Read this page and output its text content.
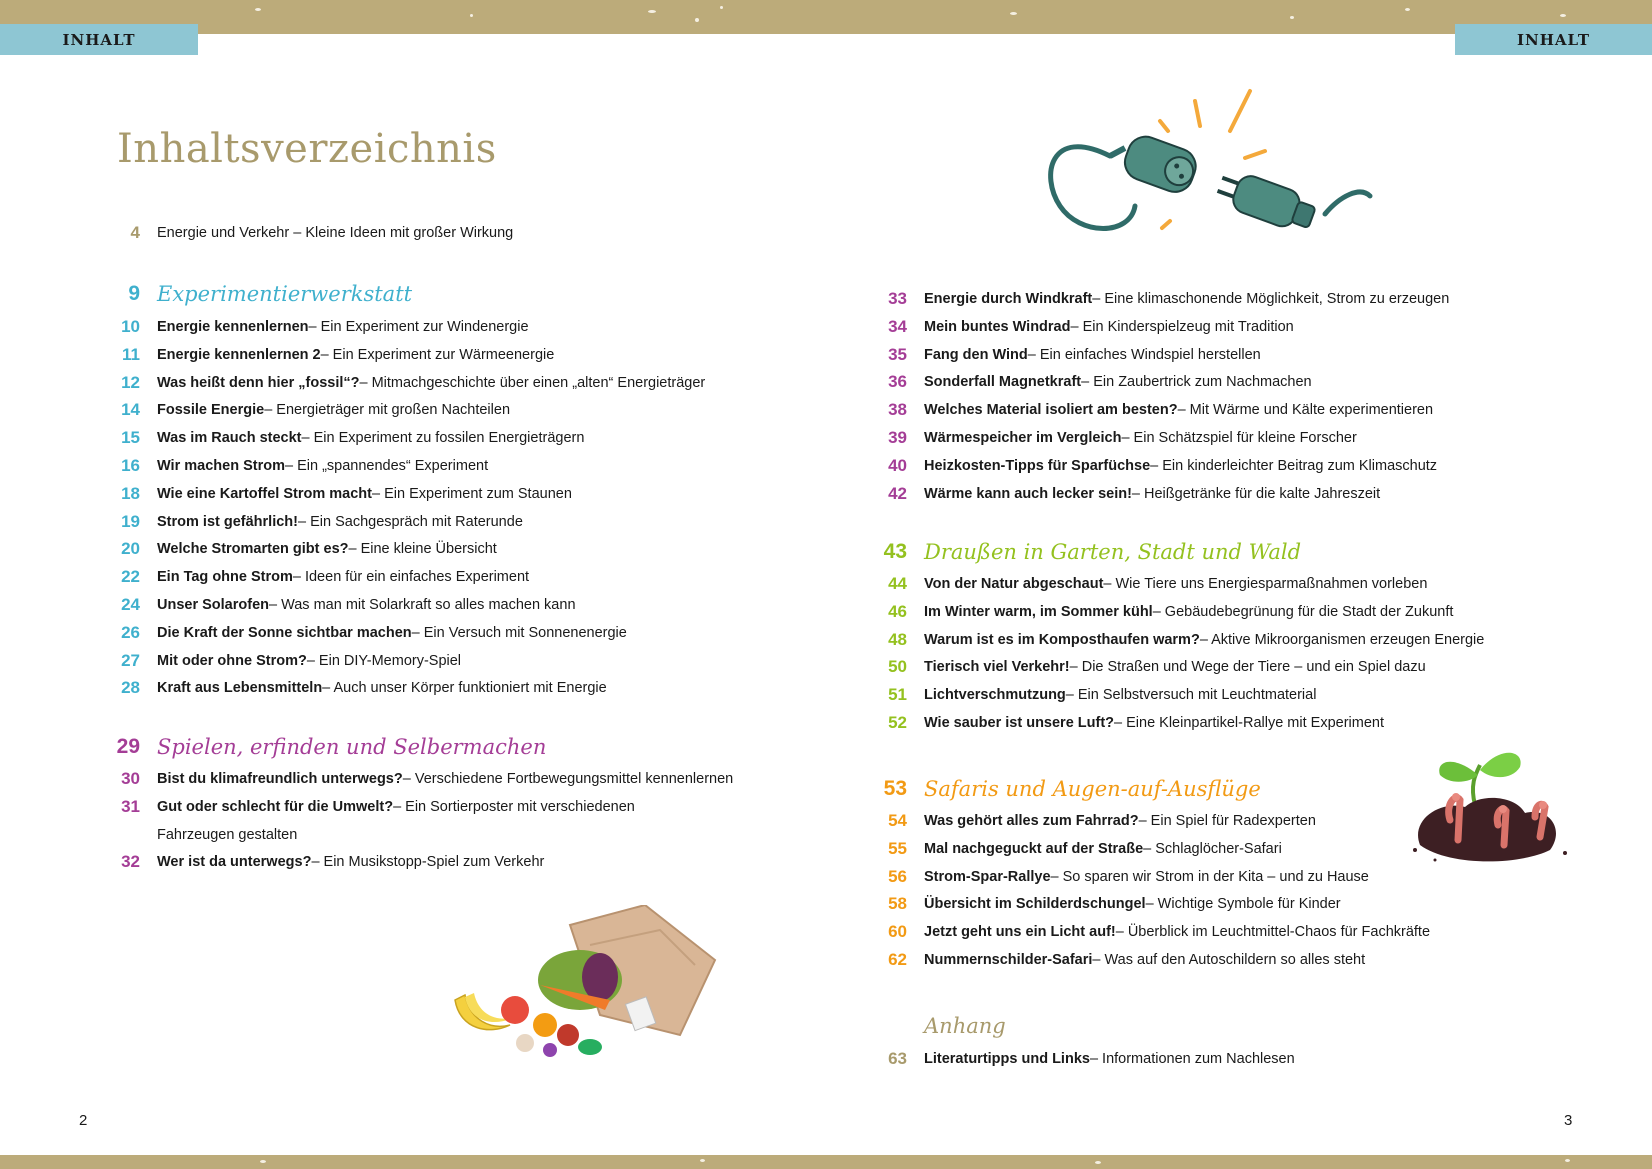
INHALT	INHALT
Inhaltsverzeichnis
4 Energie und Verkehr – Kleine Ideen mit großer Wirkung
9 Experimentierwerkstatt
10 Energie kennenlernen – Ein Experiment zur Windenergie
11 Energie kennenlernen 2 – Ein Experiment zur Wärmeenergie
12 Was heißt denn hier „fossil“? – Mitmachgeschichte über einen „alten“ Energieträger
14 Fossile Energie – Energieträger mit großen Nachteilen
15 Was im Rauch steckt – Ein Experiment zu fossilen Energieträgern
16 Wir machen Strom – Ein „spannendes“ Experiment
18 Wie eine Kartoffel Strom macht – Ein Experiment zum Staunen
19 Strom ist gefährlich! – Ein Sachgespräch mit Raterunde
20 Welche Stromarten gibt es? – Eine kleine Übersicht
22 Ein Tag ohne Strom – Ideen für ein einfaches Experiment
24 Unser Solarofen – Was man mit Solarkraft so alles machen kann
26 Die Kraft der Sonne sichtbar machen – Ein Versuch mit Sonnenenergie
27 Mit oder ohne Strom? – Ein DIY-Memory-Spiel
28 Kraft aus Lebensmitteln – Auch unser Körper funktioniert mit Energie
29 Spielen, erfinden und Selbermachen
30 Bist du klimafreundlich unterwegs? – Verschiedene Fortbewegungsmittel kennenlernen
31 Gut oder schlecht für die Umwelt? – Ein Sortierposter mit verschiedenen
Fahrzeugen gestalten
32 Wer ist da unterwegs? – Ein Musikstopp-Spiel zum Verkehr
33 Energie durch Windkraft – Eine klimaschonende Möglichkeit, Strom zu erzeugen
34 Mein buntes Windrad – Ein Kinderspielzeug mit Tradition
35 Fang den Wind – Ein einfaches Windspiel herstellen
36 Sonderfall Magnetkraft – Ein Zaubertrick zum Nachmachen
38 Welches Material isoliert am besten? – Mit Wärme und Kälte experimentieren
39 Wärmespeicher im Vergleich – Ein Schätzspiel für kleine Forscher
40 Heizkosten-Tipps für Sparfüchse – Ein kinderleichter Beitrag zum Klimaschutz
42 Wärme kann auch lecker sein! – Heißgetränke für die kalte Jahreszeit
43 Draußen in Garten, Stadt und Wald
44 Von der Natur abgeschaut – Wie Tiere uns Energiesparmaßnahmen vorleben
46 Im Winter warm, im Sommer kühl – Gebäudebegrünung für die Stadt der Zukunft
48 Warum ist es im Komposthaufen warm? – Aktive Mikroorganismen erzeugen Energie
50 Tierisch viel Verkehr! – Die Straßen und Wege der Tiere – und ein Spiel dazu
51 Lichtverschmutzung – Ein Selbstversuch mit Leuchtmaterial
52 Wie sauber ist unsere Luft? – Eine Kleinpartikel-Rallye mit Experiment
53 Safaris und Augen-auf-Ausflüge
54 Was gehört alles zum Fahrrad? – Ein Spiel für Radexperten
55 Mal nachgeguckt auf der Straße – Schlaglöcher-Safari
56 Strom-Spar-Rallye – So sparen wir Strom in der Kita – und zu Hause
58 Übersicht im Schilderdschungel – Wichtige Symbole für Kinder
60 Jetzt geht uns ein Licht auf! – Überblick im Leuchtmittel-Chaos für Fachkräfte
62 Nummernschilder-Safari – Was auf den Autoschildern so alles steht
Anhang
63 Literaturtipps und Links – Informationen zum Nachlesen
2	3
